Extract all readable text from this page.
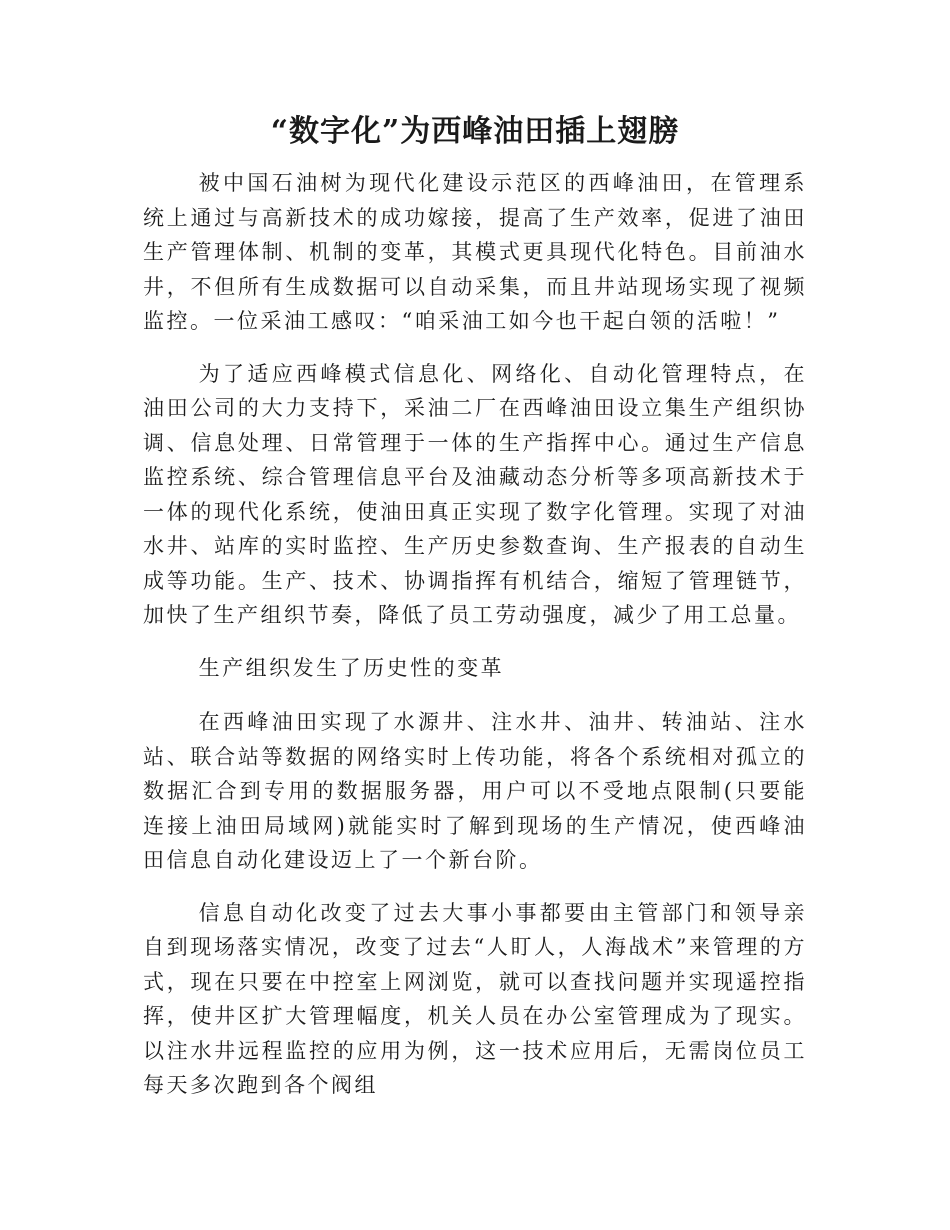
“数字化”为西峰油田插上翅膀

被中国石油树为现代化建设示范区的西峰油田，在管理系统上通过与高新技术的成功嫁接，提高了生产效率，促进了油田生产管理体制、机制的变革，其模式更具现代化特色。目前油水井，不但所有生成数据可以自动采集，而且井站现场实现了视频监控。一位采油工感叹：“咱采油工如今也干起白领的活啦！”

为了适应西峰模式信息化、网络化、自动化管理特点，在油田公司的大力支持下，采油二厂在西峰油田设立集生产组织协调、信息处理、日常管理于一体的生产指挥中心。通过生产信息监控系统、综合管理信息平台及油藏动态分析等多项高新技术于一体的现代化系统，使油田真正实现了数字化管理。实现了对油水井、站库的实时监控、生产历史参数查询、生产报表的自动生成等功能。生产、技术、协调指挥有机结合，缩短了管理链节，加快了生产组织节奏，降低了员工劳动强度，减少了用工总量。

生产组织发生了历史性的变革

在西峰油田实现了水源井、注水井、油井、转油站、注水站、联合站等数据的网络实时上传功能，将各个系统相对孤立的数据汇合到专用的数据服务器，用户可以不受地点限制(只要能连接上油田局域网)就能实时了解到现场的生产情况，使西峰油田信息自动化建设迈上了一个新台阶。

信息自动化改变了过去大事小事都要由主管部门和领导亲自到现场落实情况，改变了过去“人盯人，人海战术”来管理的方式，现在只要在中控室上网浏览，就可以查找问题并实现遥控指挥，使井区扩大管理幅度，机关人员在办公室管理成为了现实。以注水井远程监控的应用为例，这一技术应用后，无需岗位员工每天多次跑到各个阀组
